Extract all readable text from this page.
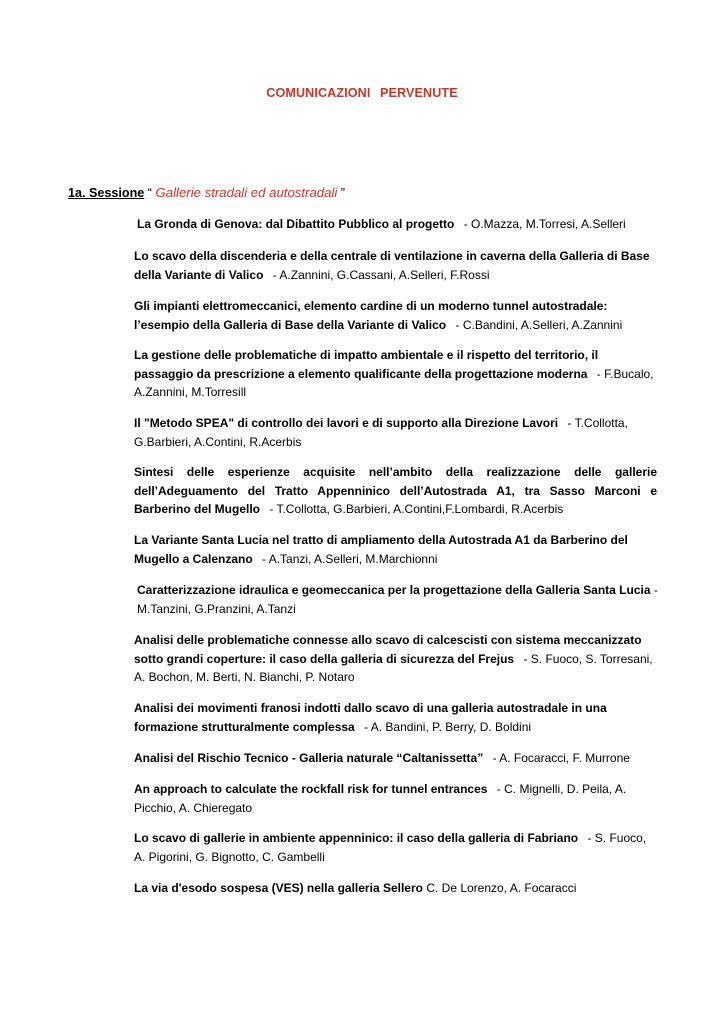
COMUNICAZIONI PERVENUTE

1a. Sessione “ Gallerie stradali ed autostradali ”

La Gronda di Genova: dal Dibattito Pubblico al progetto - O.Mazza, M.Torresi, A.Selleri

Lo scavo della discenderia e della centrale di ventilazione in caverna della Galleria di Base della Variante di Valico - A.Zannini, G.Cassani, A.Selleri, F.Rossi

Gli impianti elettromeccanici, elemento cardine di un moderno tunnel autostradale: l’esempio della Galleria di Base della Variante di Valico - C.Bandini, A.Selleri, A.Zannini

La gestione delle problematiche di impatto ambientale e il rispetto del territorio, il passaggio da prescrizione a elemento qualificante della progettazione moderna - F.Bucalo, A.Zannini, M.Torresill

Il "Metodo SPEA" di controllo dei lavori e di supporto alla Direzione Lavori - T.Collotta, G.Barbieri, A.Contini, R.Acerbis

Sintesi delle esperienze acquisite nell’ambito della realizzazione delle gallerie dell’Adeguamento del Tratto Appenninico dell’Autostrada A1, tra Sasso Marconi e Barberino del Mugello - T.Collotta, G.Barbieri, A.Contini,F.Lombardi, R.Acerbis

La Variante Santa Lucia nel tratto di ampliamento della Autostrada A1 da Barberino del Mugello a Calenzano - A.Tanzi, A.Selleri, M.Marchionni

Caratterizzazione idraulica e geomeccanica per la progettazione della Galleria Santa Lucia - M.Tanzini, G.Pranzini, A.Tanzi

Analisi delle problematiche connesse allo scavo di calcescisti con sistema meccanizzato sotto grandi coperture: il caso della galleria di sicurezza del Frejus - S. Fuoco, S. Torresani, A. Bochon, M. Berti, N. Bianchi, P. Notaro

Analisi dei movimenti franosi indotti dallo scavo di una galleria autostradale in una formazione strutturalmente complessa - A. Bandini, P. Berry, D. Boldini

Analisi del Rischio Tecnico - Galleria naturale “Caltanissetta” - A. Focaracci, F. Murrone

An approach to calculate the rockfall risk for tunnel entrances - C. Mignelli, D. Peila, A. Picchio, A. Chieregato

Lo scavo di gallerie in ambiente appenninico: il caso della galleria di Fabriano - S. Fuoco, A. Pigorini, G. Bignotto, C. Gambelli

La via d'esodo sospesa (VES) nella galleria Sellero C. De Lorenzo, A. Focaracci
